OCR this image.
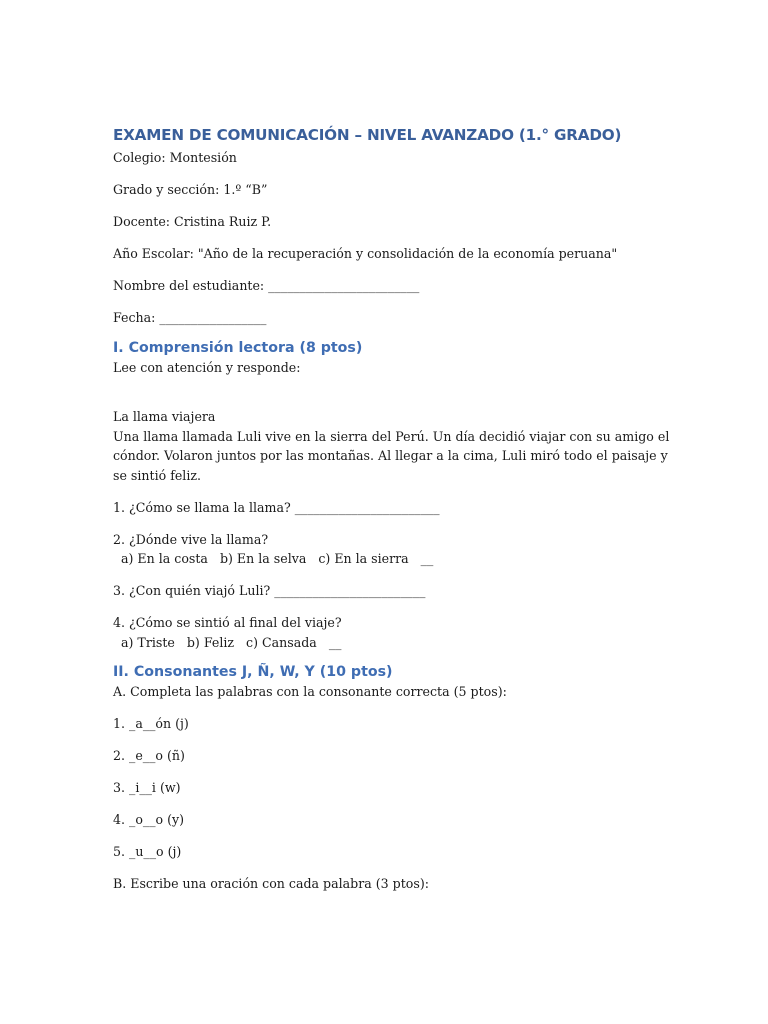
EXAMEN DE COMUNICACIÓN – NIVEL AVANZADO (1.° GRADO)

Colegio: Montesión

Grado y sección: 1.º “B”

Docente: Cristina Ruiz P.

Año Escolar: "Año de la recuperación y consolidación de la economía peruana"

Nombre del estudiante: ________________________

Fecha: _________________

I. Comprensión lectora (8 ptos)

Lee con atención y responde:

La llama viajera

Una llama llamada Luli vive en la sierra del Perú. Un día decidió viajar con su amigo el cóndor. Volaron juntos por las montañas. Al llegar a la cima, Luli miró todo el paisaje y se sintió feliz.

1. ¿Cómo se llama la llama? _______________________

2. ¿Dónde vive la llama?

a) En la costa   b) En la selva   c) En la sierra   __

3. ¿Con quién viajó Luli? ________________________

4. ¿Cómo se sintió al final del viaje?

a) Triste   b) Feliz   c) Cansada   __

II. Consonantes J, Ñ, W, Y (10 ptos)

A. Completa las palabras con la consonante correcta (5 ptos):

1. _a__ón (j)

2. _e__o (ñ)

3. _i__i (w)

4. _o__o (y)

5. _u__o (j)

B. Escribe una oración con cada palabra (3 ptos):
